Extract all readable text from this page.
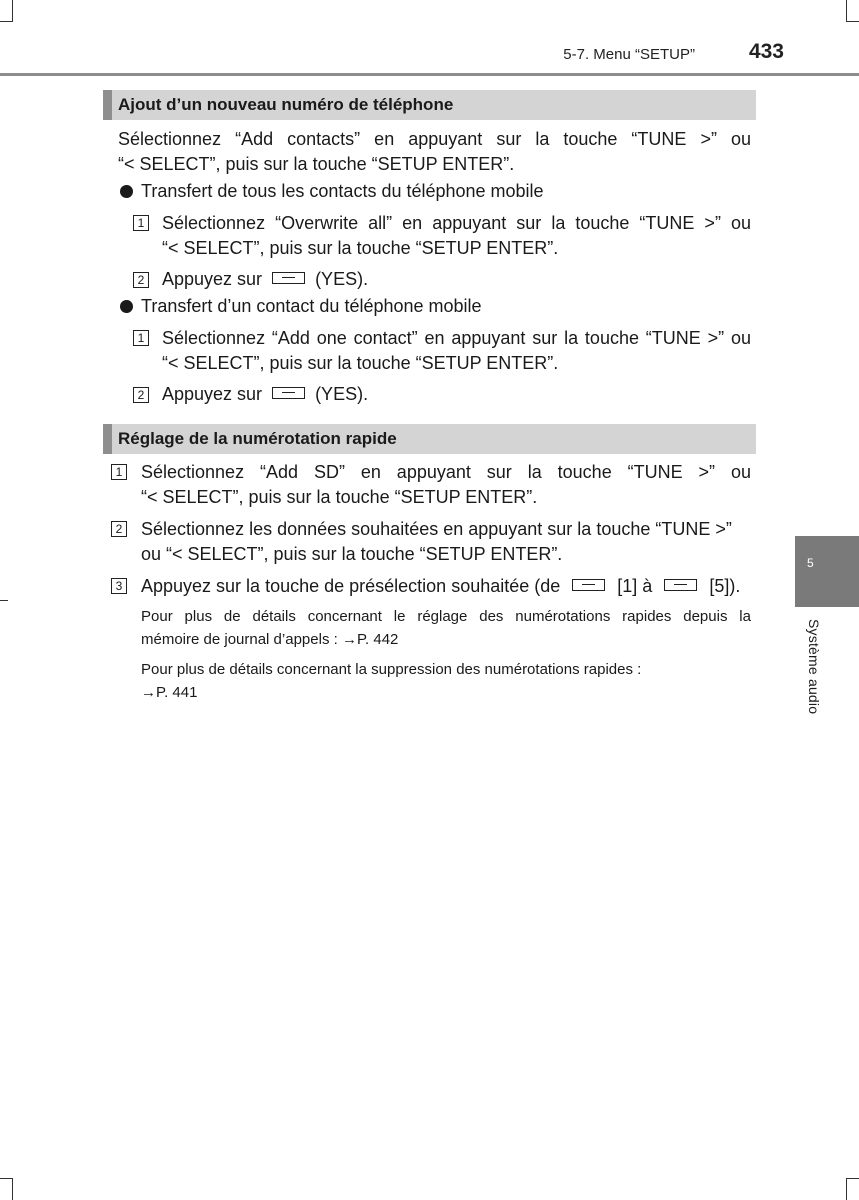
5-7. Menu “SETUP”	433
Ajout d’un nouveau numéro de téléphone
Sélectionnez “Add contacts” en appuyant sur la touche “TUNE >” ou
“< SELECT”, puis sur la touche “SETUP ENTER”.
Transfert de tous les contacts du téléphone mobile
1 Sélectionnez “Overwrite all” en appuyant sur la touche “TUNE >” ou
“< SELECT”, puis sur la touche “SETUP ENTER”.
2 Appuyez sur	(YES).
Transfert d’un contact du téléphone mobile
1 Sélectionnez “Add one contact” en appuyant sur la touche “TUNE >” ou
“< SELECT”, puis sur la touche “SETUP ENTER”.
2 Appuyez sur	(YES).
Réglage de la numérotation rapide
1 Sélectionnez “Add SD” en appuyant sur la touche “TUNE >” ou
“< SELECT”, puis sur la touche “SETUP ENTER”.
2 Sélectionnez les données souhaitées en appuyant sur la touche “TUNE >”
ou “< SELECT”, puis sur la touche “SETUP ENTER”.
3 Appuyez sur la touche de présélection souhaitée (de	[1] à	[5]).
Pour plus de détails concernant le réglage des numérotations rapides depuis la
mémoire de journal d’appels : →P. 442
Pour plus de détails concernant la suppression des numérotations rapides :
→P. 441
5
Système audio
